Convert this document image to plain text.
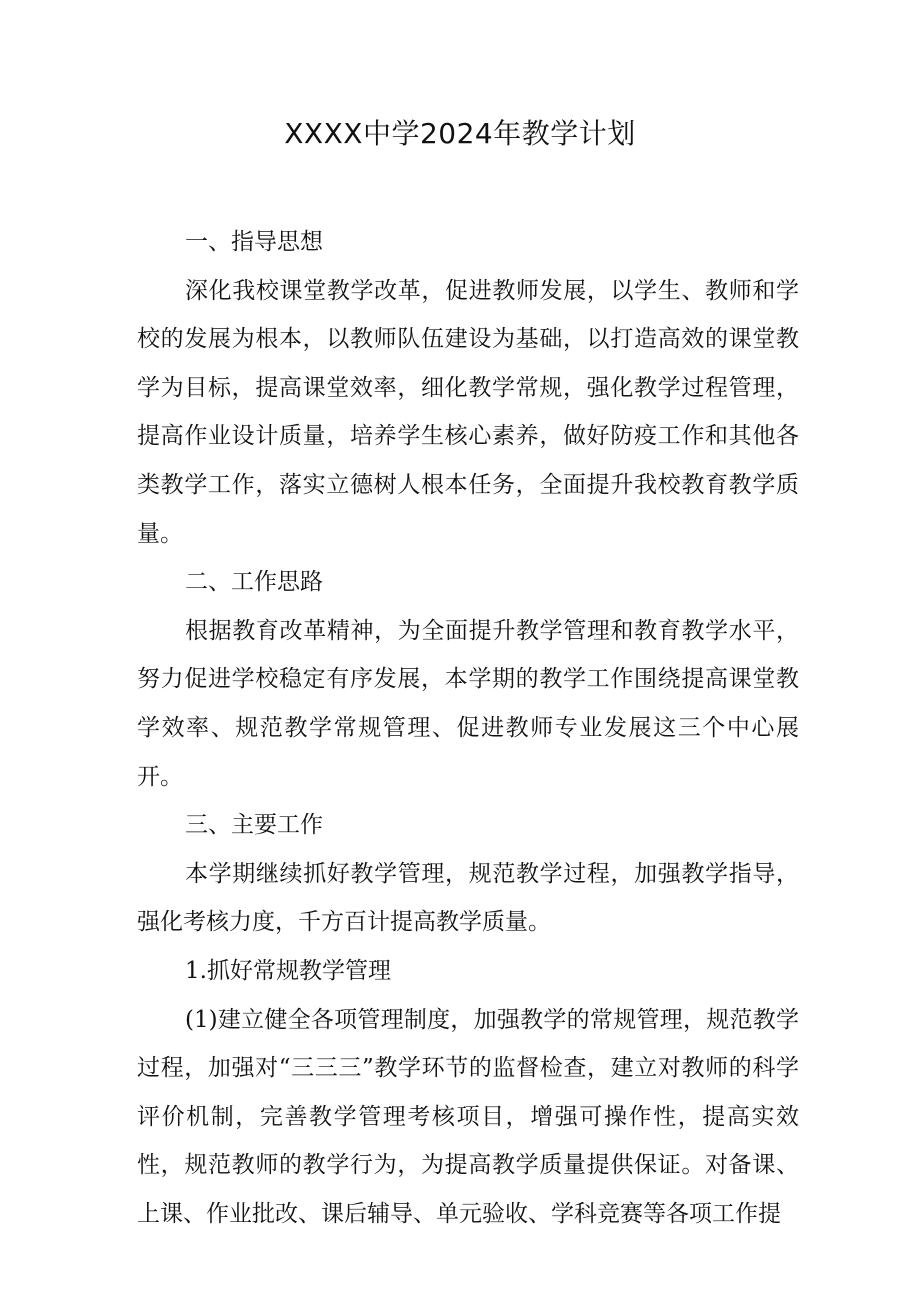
XXXX中学2024年教学计划

一、指导思想

深化我校课堂教学改革，促进教师发展，以学生、教师和学校的发展为根本，以教师队伍建设为基础，以打造高效的课堂教学为目标，提高课堂效率，细化教学常规，强化教学过程管理，提高作业设计质量，培养学生核心素养，做好防疫工作和其他各类教学工作，落实立德树人根本任务，全面提升我校教育教学质量。

二、工作思路

根据教育改革精神，为全面提升教学管理和教育教学水平，努力促进学校稳定有序发展，本学期的教学工作围绕提高课堂教学效率、规范教学常规管理、促进教师专业发展这三个中心展开。

三、主要工作

本学期继续抓好教学管理，规范教学过程，加强教学指导，强化考核力度，千方百计提高教学质量。

1.抓好常规教学管理

(1)建立健全各项管理制度，加强教学的常规管理，规范教学过程，加强对“三三三”教学环节的监督检查，建立对教师的科学评价机制，完善教学管理考核项目，增强可操作性，提高实效性，规范教师的教学行为，为提高教学质量提供保证。对备课、上课、作业批改、课后辅导、单元验收、学科竞赛等各项工作提
